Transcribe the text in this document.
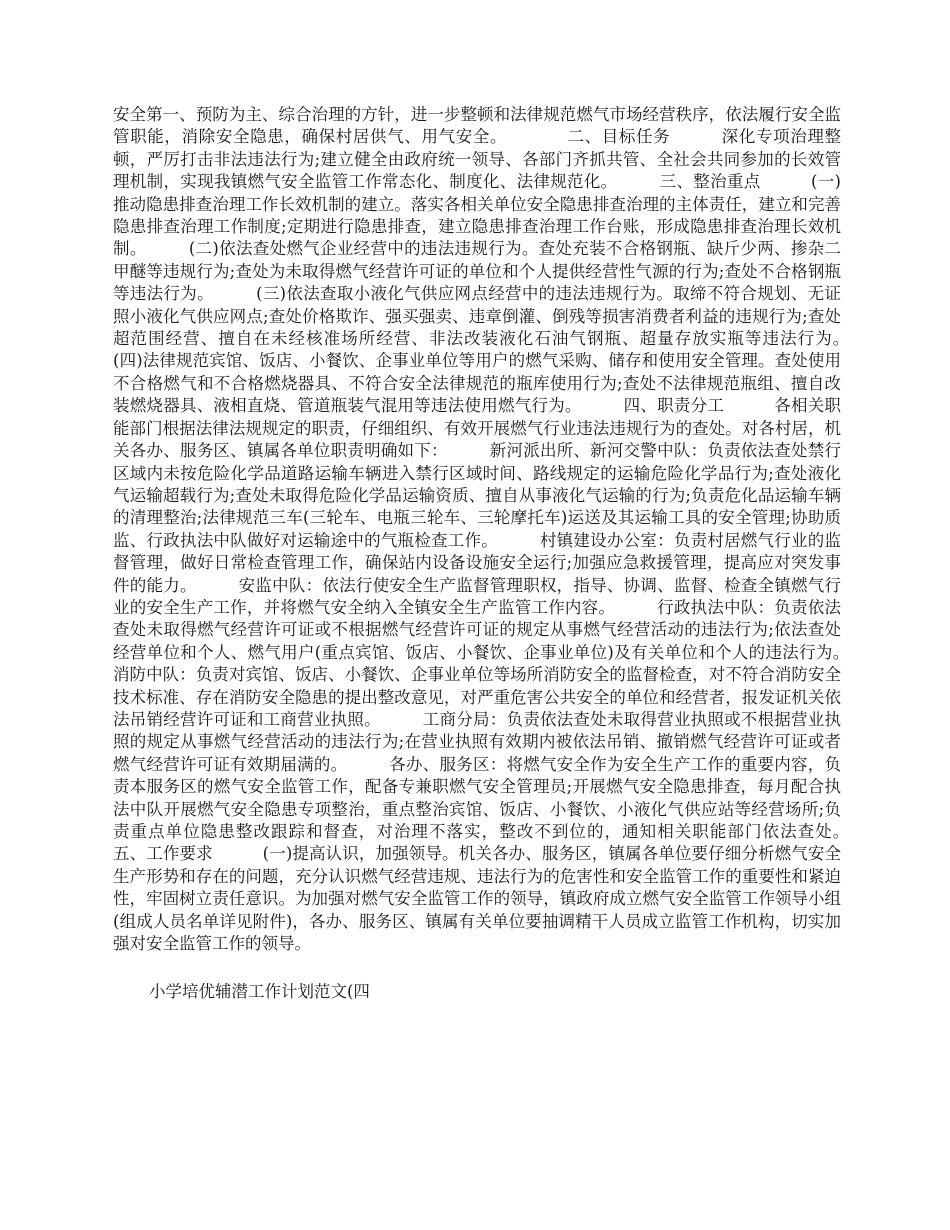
安全第一、预防为主、综合治理的方针，进一步整顿和法律规范燃气市场经营秩序，依法履行安全监管职能，消除安全隐患，确保村居供气、用气安全。　　　　二、目标任务　　　深化专项治理整顿，严厉打击非法违法行为;建立健全由政府统一领导、各部门齐抓共管、全社会共同参加的长效管理机制，实现我镇燃气安全监管工作常态化、制度化、法律规范化。　　　三、整治重点　　　(一)推动隐患排查治理工作长效机制的建立。落实各相关单位安全隐患排查治理的主体责任，建立和完善隐患排查治理工作制度;定期进行隐患排查，建立隐患排查治理工作台账，形成隐患排查治理长效机制。　　　(二)依法查处燃气企业经营中的违法违规行为。查处充装不合格钢瓶、缺斤少两、掺杂二甲醚等违规行为;查处为未取得燃气经营许可证的单位和个人提供经营性气源的行为;查处不合格钢瓶等违法行为。　　　(三)依法查取小液化气供应网点经营中的违法违规行为。取缔不符合规划、无证照小液化气供应网点;查处价格欺诈、强买强卖、违章倒灌、倒残等损害消费者利益的违规行为;查处超范围经营、擅自在未经核准场所经营、非法改装液化石油气钢瓶、超量存放实瓶等违法行为。　　　(四)法律规范宾馆、饭店、小餐饮、企事业单位等用户的燃气采购、储存和使用安全管理。查处使用不合格燃气和不合格燃烧器具、不符合安全法律规范的瓶库使用行为;查处不法律规范瓶组、擅自改装燃烧器具、液相直烧、管道瓶装气混用等违法使用燃气行为。　　　四、职责分工　　　各相关职能部门根据法律法规规定的职责，仔细组织、有效开展燃气行业违法违规行为的查处。对各村居，机关各办、服务区、镇属各单位职责明确如下：　　　新河派出所、新河交警中队：负责依法查处禁行区域内未按危险化学品道路运输车辆进入禁行区域时间、路线规定的运输危险化学品行为;查处液化气运输超载行为;查处未取得危险化学品运输资质、擅自从事液化气运输的行为;负责危化品运输车辆的清理整治;法律规范三车(三轮车、电瓶三轮车、三轮摩托车)运送及其运输工具的安全管理;协助质监、行政执法中队做好对运输途中的气瓶检查工作。　　　村镇建设办公室：负责村居燃气行业的监督管理，做好日常检查管理工作，确保站内设备设施安全运行;加强应急救援管理，提高应对突发事件的能力。　　　安监中队：依法行使安全生产监督管理职权，指导、协调、监督、检查全镇燃气行业的安全生产工作，并将燃气安全纳入全镇安全生产监管工作内容。　　　行政执法中队：负责依法查处未取得燃气经营许可证或不根据燃气经营许可证的规定从事燃气经营活动的违法行为;依法查处经营单位和个人、燃气用户(重点宾馆、饭店、小餐饮、企事业单位)及有关单位和个人的违法行为。　　　消防中队：负责对宾馆、饭店、小餐饮、企事业单位等场所消防安全的监督检查，对不符合消防安全技术标准、存在消防安全隐患的提出整改意见，对严重危害公共安全的单位和经营者，报发证机关依法吊销经营许可证和工商营业执照。　　　工商分局：负责依法查处未取得营业执照或不根据营业执照的规定从事燃气经营活动的违法行为;在营业执照有效期内被依法吊销、撤销燃气经营许可证或者燃气经营许可证有效期届满的。　　　各办、服务区：将燃气安全作为安全生产工作的重要内容，负责本服务区的燃气安全监管工作，配备专兼职燃气安全管理员;开展燃气安全隐患排查，每月配合执法中队开展燃气安全隐患专项整治，重点整治宾馆、饭店、小餐饮、小液化气供应站等经营场所;负责重点单位隐患整改跟踪和督查，对治理不落实，整改不到位的，通知相关职能部门依法查处。　　　五、工作要求　　　(一)提高认识，加强领导。机关各办、服务区，镇属各单位要仔细分析燃气安全生产形势和存在的问题，充分认识燃气经营违规、违法行为的危害性和安全监管工作的重要性和紧迫性，牢固树立责任意识。为加强对燃气安全监管工作的领导，镇政府成立燃气安全监管工作领导小组(组成人员名单详见附件)，各办、服务区、镇属有关单位要抽调精干人员成立监管工作机构，切实加强对安全监管工作的领导。

小学培优辅潜工作计划范文(四
